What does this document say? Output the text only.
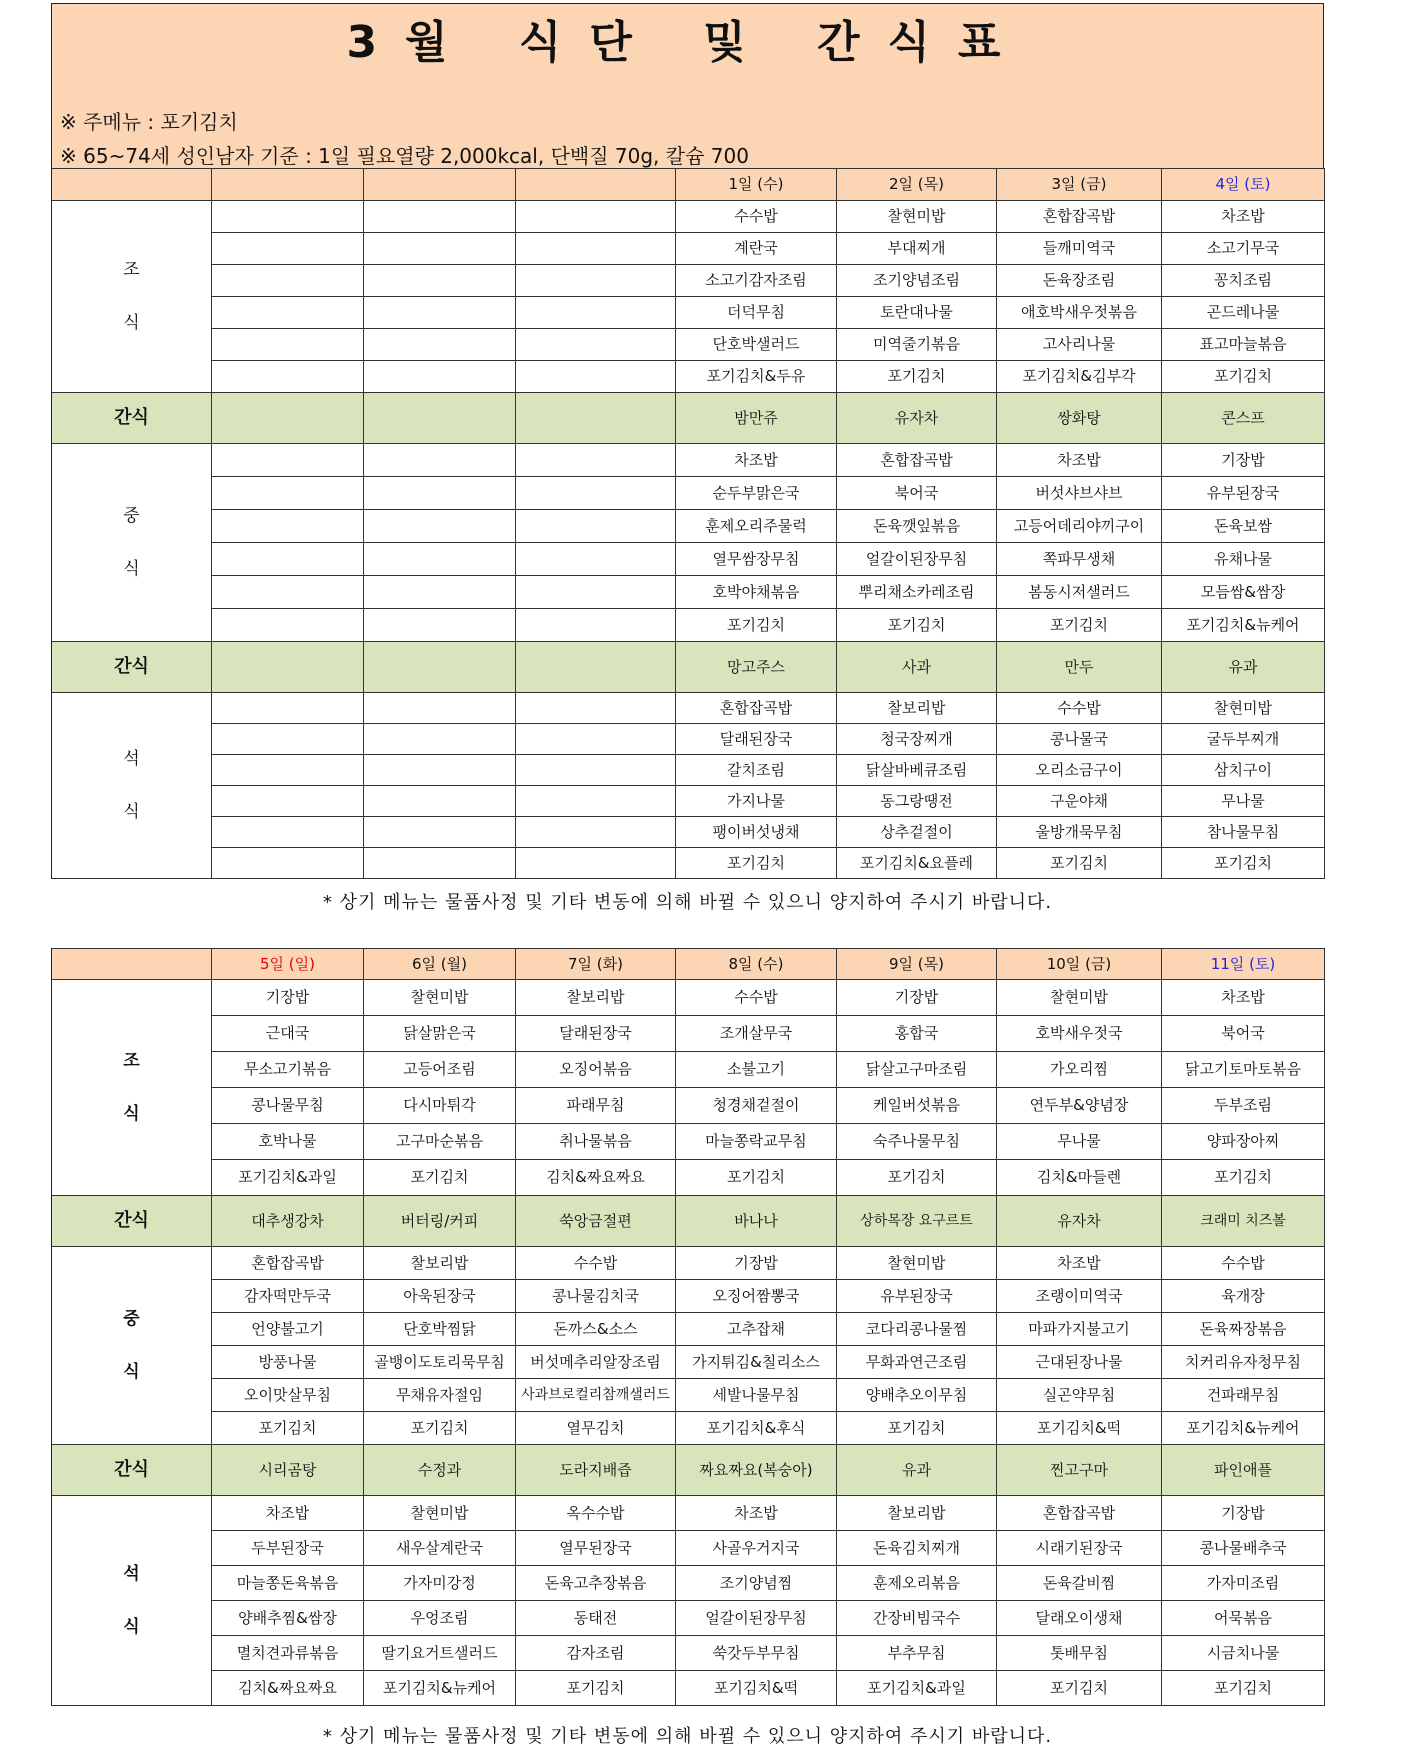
3월 식단 및 간식표
※ 주메뉴 : 포기김치
※ 65~74세 성인남자 기준 : 1일 필요열량 2,000kcal, 단백질 70g, 칼슘 700
				1일 (수)	2일 (목)	3일 (금)	4일 (토)

조
식				수수밥	찰현미밥	혼합잡곡밥	차조밥
				계란국	부대찌개	들깨미역국	소고기무국
				소고기감자조림	조기양념조림	돈육장조림	꽁치조림
				더덕무침	토란대나물	애호박새우젓볶음	곤드레나물
				단호박샐러드	미역줄기볶음	고사리나물	표고마늘볶음
				포기김치&두유	포기김치	포기김치&김부각	포기김치
간식				밤만쥬	유자차	쌍화탕	콘스프

중
식				차조밥	혼합잡곡밥	차조밥	기장밥
				순두부맑은국	북어국	버섯샤브샤브	유부된장국
				훈제오리주물럭	돈육깻잎볶음	고등어데리야끼구이	돈육보쌈
				열무쌈장무침	얼갈이된장무침	쪽파무생채	유채나물
				호박야채볶음	뿌리채소카레조림	봄동시저샐러드	모듬쌈&쌈장
				포기김치	포기김치	포기김치	포기김치&뉴케어
간식				망고주스	사과	만두	유과

석
식				혼합잡곡밥	찰보리밥	수수밥	찰현미밥
				달래된장국	청국장찌개	콩나물국	굴두부찌개
				갈치조림	닭살바베큐조림	오리소금구이	삼치구이
				가지나물	동그랑땡전	구운야채	무나물
				팽이버섯냉채	상추겉절이	울방개묵무침	참나물무침
				포기김치	포기김치&요플레	포기김치	포기김치
* 상기 메뉴는 물품사정 및 기타 변동에 의해 바뀔 수 있으니 양지하여 주시기 바랍니다.
	5일 (일)	6일 (월)	7일 (화)	8일 (수)	9일 (목)	10일 (금)	11일 (토)

조
식	기장밥	찰현미밥	찰보리밥	수수밥	기장밥	찰현미밥	차조밥
	근대국	닭살맑은국	달래된장국	조개살무국	홍합국	호박새우젓국	북어국
	무소고기볶음	고등어조림	오징어볶음	소불고기	닭살고구마조림	가오리찜	닭고기토마토볶음
	콩나물무침	다시마튀각	파래무침	청경채겉절이	케일버섯볶음	연두부&양념장	두부조림
	호박나물	고구마순볶음	취나물볶음	마늘쫑락교무침	숙주나물무침	무나물	양파장아찌
	포기김치&과일	포기김치	김치&짜요짜요	포기김치	포기김치	김치&마들렌	포기김치
간식	대추생강차	버터링/커피	쑥앙금절편	바나나	상하목장 요구르트	유자차	크래미 치즈볼

중
식	혼합잡곡밥	찰보리밥	수수밥	기장밥	찰현미밥	차조밥	수수밥
	감자떡만두국	아욱된장국	콩나물김치국	오징어짬뽕국	유부된장국	조랭이미역국	육개장
	언양불고기	단호박찜닭	돈까스&소스	고추잡채	코다리콩나물찜	마파가지불고기	돈육짜장볶음
	방풍나물	골뱅이도토리묵무침	버섯메추리알장조림	가지튀김&칠리소스	무화과연근조림	근대된장나물	치커리유자청무침
	오이맛살무침	무채유자절임	사과브로컬리참깨샐러드	세발나물무침	양배추오이무침	실곤약무침	건파래무침
	포기김치	포기김치	열무김치	포기김치&후식	포기김치	포기김치&떡	포기김치&뉴케어
간식	시리곰탕	수정과	도라지배즙	짜요짜요(복숭아)	유과	찐고구마	파인애플

석
식	차조밥	찰현미밥	옥수수밥	차조밥	찰보리밥	혼합잡곡밥	기장밥
	두부된장국	새우살계란국	열무된장국	사골우거지국	돈육김치찌개	시래기된장국	콩나물배추국
	마늘쫑돈육볶음	가자미강정	돈육고추장볶음	조기양념찜	훈제오리볶음	돈육갈비찜	가자미조림
	양배추찜&쌈장	우엉조림	동태전	얼갈이된장무침	간장비빔국수	달래오이생채	어묵볶음
	멸치견과류볶음	딸기요거트샐러드	감자조림	쑥갓두부무침	부추무침	톳배무침	시금치나물
	김치&짜요짜요	포기김치&뉴케어	포기김치	포기김치&떡	포기김치&과일	포기김치	포기김치
* 상기 메뉴는 물품사정 및 기타 변동에 의해 바뀔 수 있으니 양지하여 주시기 바랍니다.
